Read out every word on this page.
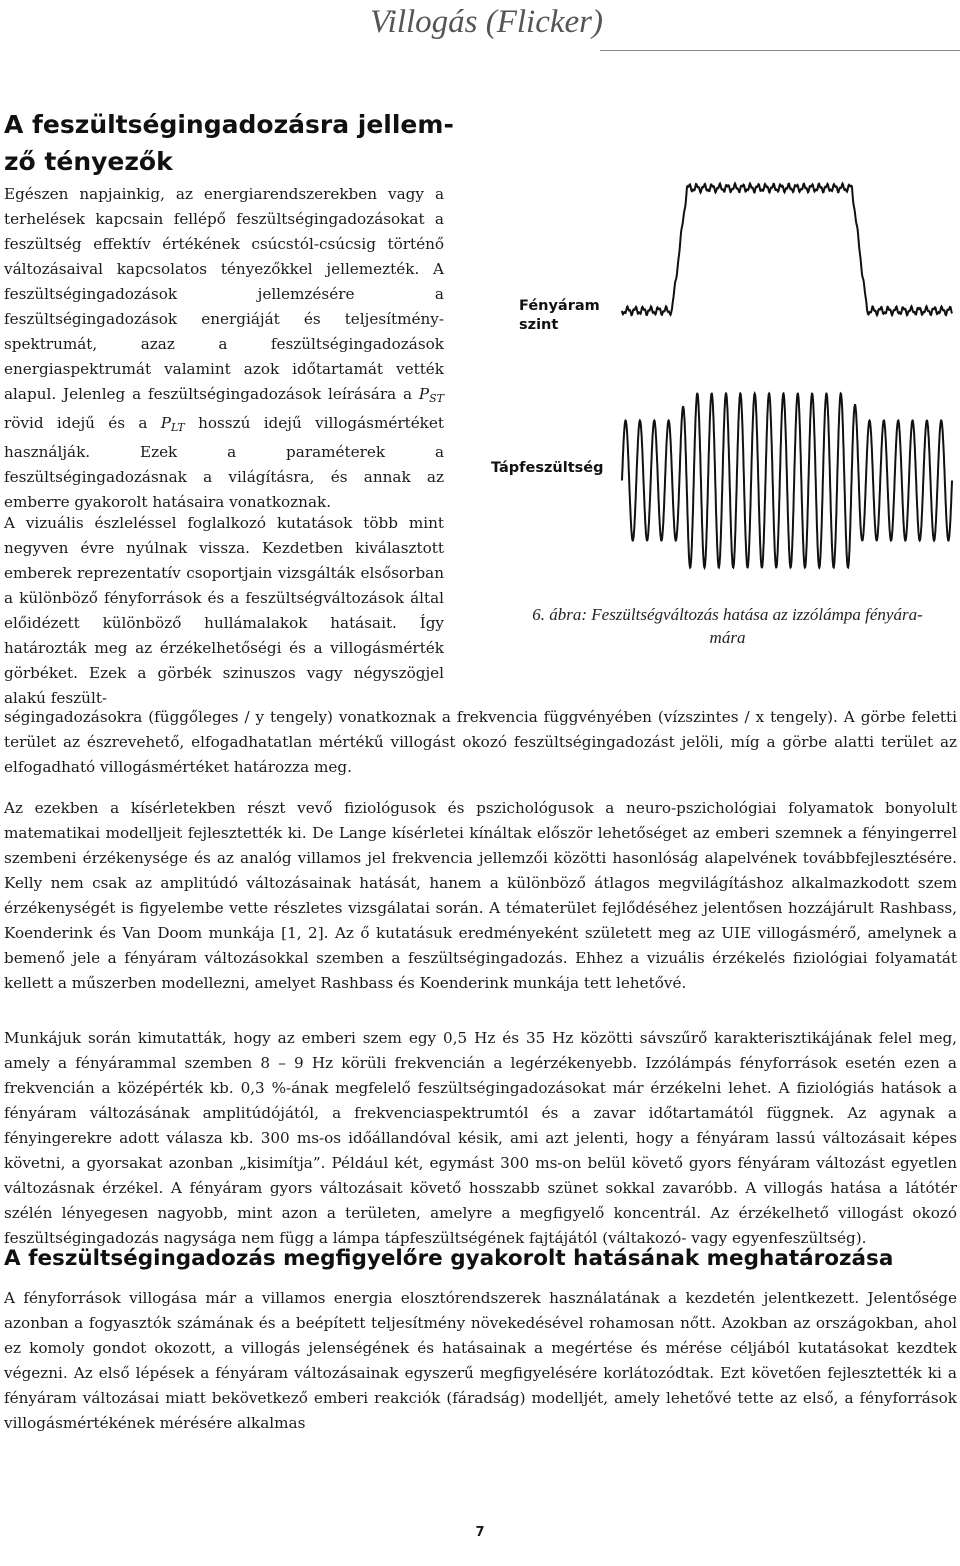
Villogás (Flicker)
A feszültségingadozásra jellem-
ző tényezők

Egészen napjainkig, az energiarendszerekben vagy a terhelések kapcsain fellépő feszültségingadozásokat a feszültség effektív értékének csúcstól-csúcsig történő változásaival kapcsolatos tényezőkkel jellemezték. A feszültségingadozások jellemzésére a feszültségingadozások energiáját és teljesítmény-spektrumát, azaz a feszültségingadozások energiaspektrumát valamint azok időtartamát vették alapul. Jelenleg a feszültségingadozások leírására a $P_{ST}$ rövid idejű és a $P_{LT}$ hosszú idejű villogásmértéket használják. Ezek a paraméterek a feszültségingadozásnak a világításra, és annak az emberre gyakorolt hatásaira vonatkoznak.

A vizuális észleléssel foglalkozó kutatások több mint negyven évre nyúlnak vissza. Kezdetben kiválasztott emberek reprezentatív csoportjain vizsgálták elsősorban a különböző fényforrások és a feszültségváltozások által előidézett különböző hullámalakok hatásait. Így határozták meg az érzékelhetőségi és a villogásmérték görbéket. Ezek a görbék szinuszos vagy négyszögjel alakú feszült-

ségingadozásokra (függőleges / y tengely) vonatkoznak a frekvencia függvényében (vízszintes / x tengely). A görbe feletti terület az észrevehető, elfogadhatatlan mértékű villogást okozó feszültségingadozást jelöli, míg a görbe alatti terület az elfogadható villogásmértéket határozza meg.

Fényáram
szint
Tápfeszültség
6. ábra: Feszültségváltozás hatása az izzólámpa fényára-
mára

Az ezekben a kísérletekben részt vevő fiziológusok és pszichológusok a neuro-pszichológiai folyamatok bonyolult matematikai modelljeit fejlesztették ki. De Lange kísérletei kínáltak először lehetőséget az emberi szemnek a fényingerrel szembeni érzékenysége és az analóg villamos jel frekvencia jellemzői közötti hasonlóság alapelvének továbbfejlesztésére. Kelly nem csak az amplitúdó változásainak hatását, hanem a különböző átlagos megvilágításhoz alkalmazkodott szem érzékenységét is figyelembe vette részletes vizsgálatai során. A tématerület fejlődéséhez jelentősen hozzájárult Rashbass, Koenderink és Van Doom munkája [1, 2]. Az ő kutatásuk eredményeként született meg az UIE villogásmérő, amelynek a bemenő jele a fényáram változásokkal szemben a feszültségingadozás. Ehhez a vizuális érzékelés fiziológiai folyamatát kellett a műszerben modellezni, amelyet Rashbass és Koenderink munkája tett lehetővé.

Munkájuk során kimutatták, hogy az emberi szem egy 0,5 Hz és 35 Hz közötti sávszűrő karakterisztikájának felel meg, amely a fényárammal szemben 8 – 9 Hz körüli frekvencián a legérzékenyebb. Izzólámpás fényforrások esetén ezen a frekvencián a középérték kb. 0,3 %-ának megfelelő feszültségingadozásokat már érzékelni lehet. A fiziológiás hatások a fényáram változásának amplitúdójától, a frekvenciaspektrumtól és a zavar időtartamától függnek. Az agynak a fényingerekre adott válasza kb. 300 ms-os időállandóval késik, ami azt jelenti, hogy a fényáram lassú változásait képes követni, a gyorsakat azonban „kisimítja”. Például két, egymást 300 ms-on belül követő gyors fényáram változást egyetlen változásnak érzékel. A fényáram gyors változásait követő hosszabb szünet sokkal zavaróbb. A villogás hatása a látótér szélén lényegesen nagyobb, mint azon a területen, amelyre a megfigyelő koncentrál. Az érzékelhető villogást okozó feszültségingadozás nagysága nem függ a lámpa tápfeszültségének fajtájától (váltakozó- vagy egyenfeszültség).

A feszültségingadozás megfigyelőre gyakorolt hatásának meghatározása

A fényforrások villogása már a villamos energia elosztórendszerek használatának a kezdetén jelentkezett. Jelentősége azonban a fogyasztók számának és a beépített teljesítmény növekedésével rohamosan nőtt. Azokban az országokban, ahol ez komoly gondot okozott, a villogás jelenségének és hatásainak a megértése és mérése céljából kutatásokat kezdtek végezni. Az első lépések a fényáram változásainak egyszerű megfigyelésére korlátozódtak. Ezt követően fejlesztették ki a fényáram változásai miatt bekövetkező emberi reakciók (fáradság) modelljét, amely lehetővé tette az első, a fényforrások villogásmértékének mérésére alkalmas

7
